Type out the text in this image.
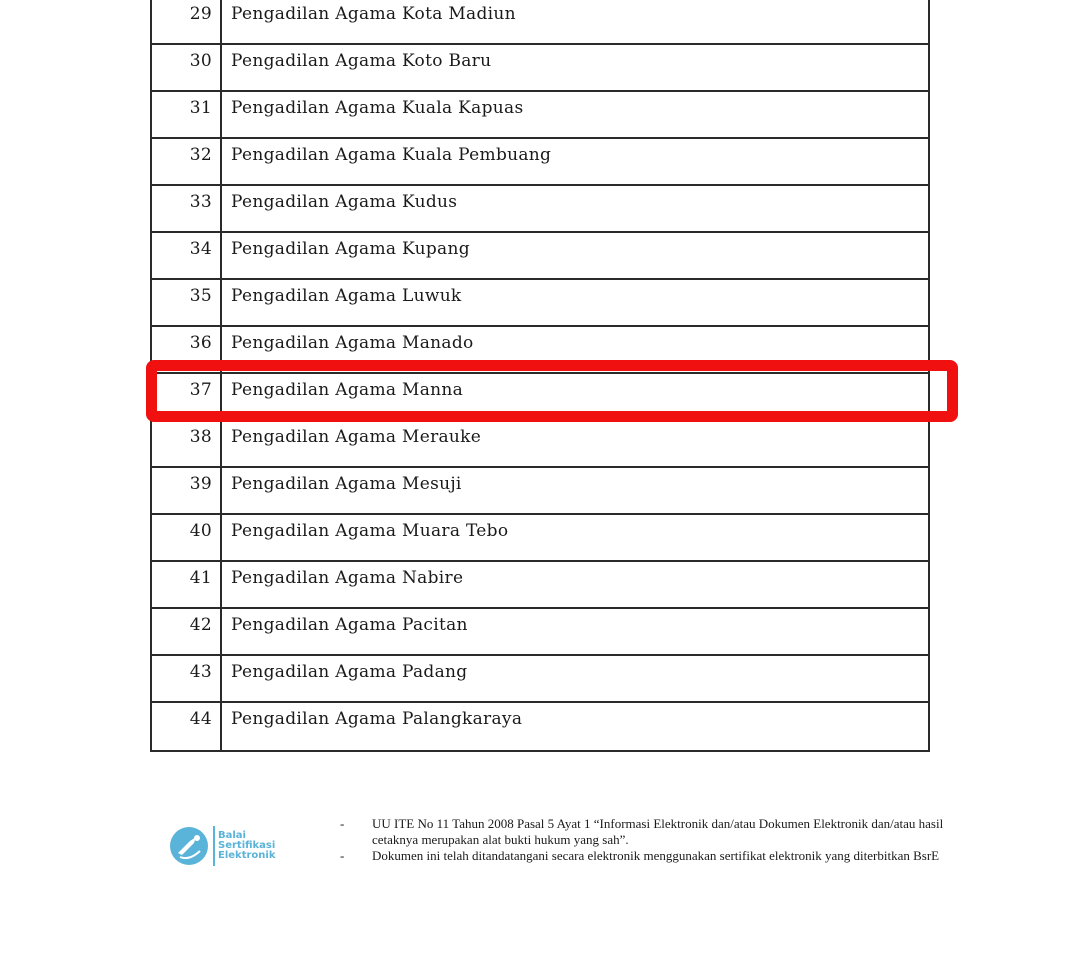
29	Pengadilan Agama Kota Madiun
30	Pengadilan Agama Koto Baru
31	Pengadilan Agama Kuala Kapuas
32	Pengadilan Agama Kuala Pembuang
33	Pengadilan Agama Kudus
34	Pengadilan Agama Kupang
35	Pengadilan Agama Luwuk
36	Pengadilan Agama Manado
37	Pengadilan Agama Manna
38	Pengadilan Agama Merauke
39	Pengadilan Agama Mesuji
40	Pengadilan Agama Muara Tebo
41	Pengadilan Agama Nabire
42	Pengadilan Agama Pacitan
43	Pengadilan Agama Padang
44	Pengadilan Agama Palangkaraya
Balai
Sertifikasi
Elektronik
-	UU ITE No 11 Tahun 2008 Pasal 5 Ayat 1 “Informasi Elektronik dan/atau Dokumen Elektronik dan/atau hasil cetaknya merupakan alat bukti hukum yang sah”.
-	Dokumen ini telah ditandatangani secara elektronik menggunakan sertifikat elektronik yang diterbitkan BsrE
